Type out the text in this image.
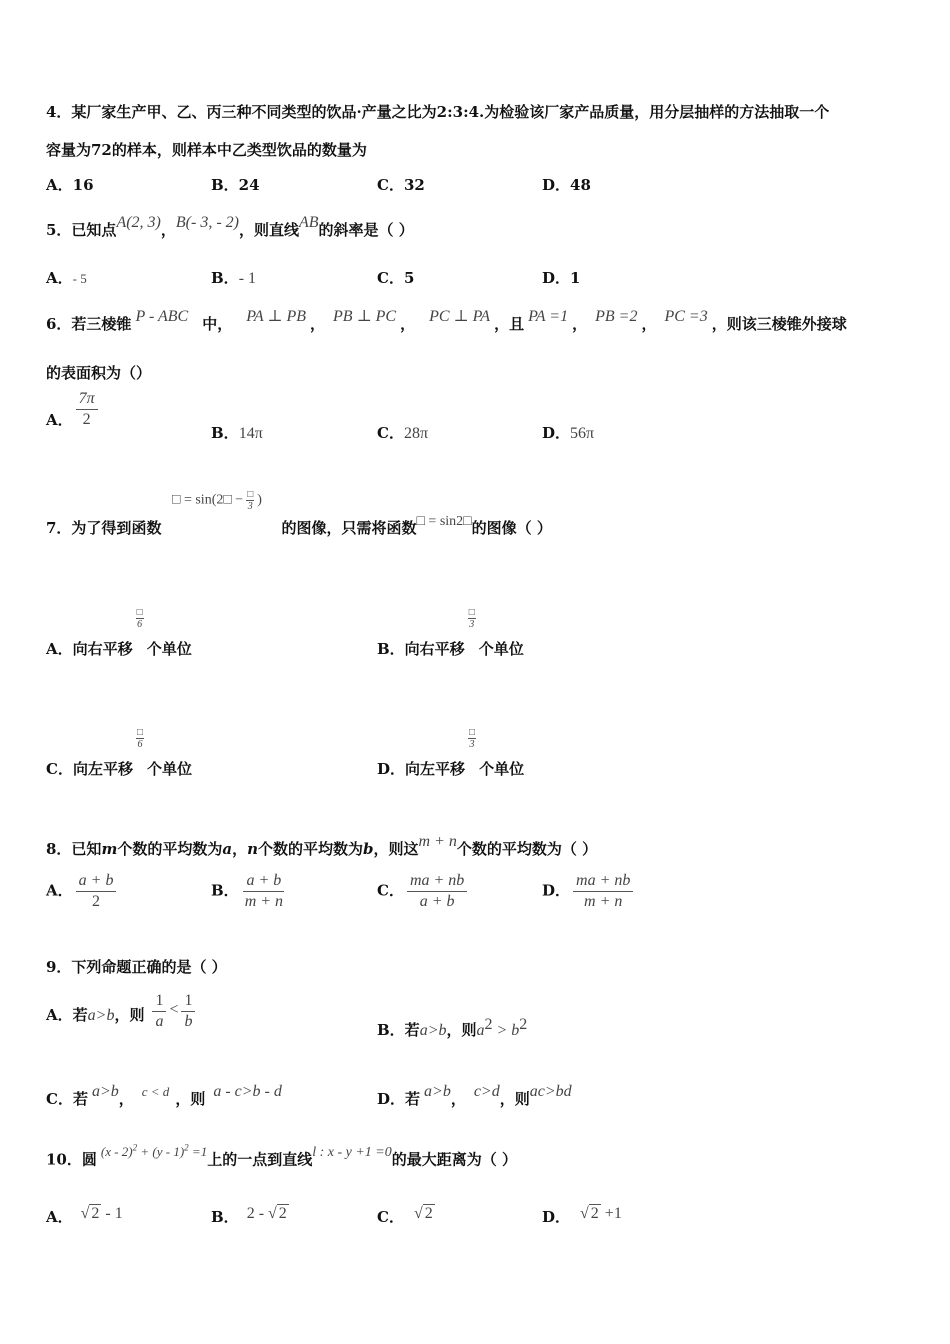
4．某厂家生产甲、乙、丙三种不同类型的饮品·产量之比为2:3:4.为检验该厂家产品质量，用分层抽样的方法抽取一个
容量为72的样本，则样本中乙类型饮品的数量为
A．16	B．24	C．32	D．48
5．已知点A(2, 3)，B(- 3, - 2)，则直线AB的斜率是（ ）
A．- 5	B．- 1	C．5	D．1
6．若三棱锥 P - ABC 中， PA ⊥ PB ， PB ⊥ PC ， PC ⊥ PA ，且 PA =1 ， PB =2 ， PC =3 ，则该三棱锥外接球
的表面积为（）
A． $\frac{7\pi}{2}$
B．14π	C．28π	D．56π
□ = sin(2□ − $\frac{□}{3}$ )
7．为了得到函数	的图像，只需将函数□ = sin2□的图像（ ）
A．向右平移
$\frac{□}{6}$
个单位	B．向右平移
$\frac{□}{3}$
个单位
C．向左平移
$\frac{□}{6}$
个单位	D．向左平移
$\frac{□}{3}$
个单位
8．已知m个数的平均数为a，n个数的平均数为b，则这m + n个数的平均数为（ ）
A． $\frac{a + b}{2}$	B． $\frac{a + b}{m + n}$	C． $\frac{ma + nb}{a + b}$	D． $\frac{ma + nb}{m + n}$
9．下列命题正确的是（ ）
A．若a>b，则 $\frac{1}{a} < \frac{1}{b}$	B．若a>b，则$a^2 > b^2$
C．若 a>b， c < d ，则 a - c>b - d	D．若 a>b， c>d，则ac>bd
10．圆 (x - 2)$^2$ + (y - 1)$^2$ =1上的一点到直线l : x - y +1 =0的最大距离为（ ）
A． √ 2 - 1	B． 2 - √ 2	C． √ 2	D． √ 2 +1
